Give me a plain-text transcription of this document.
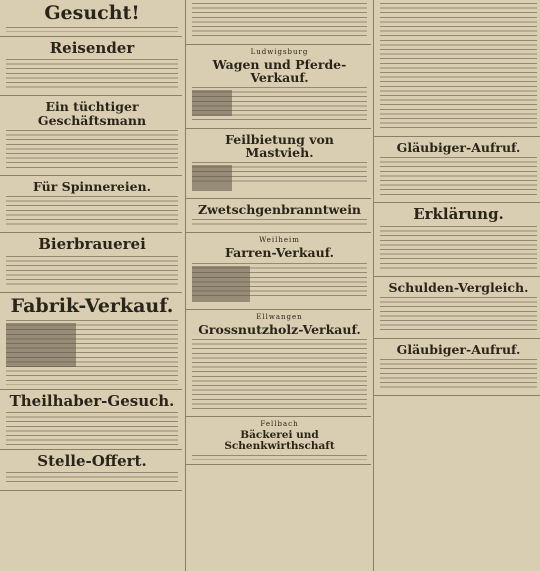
Gesucht!
Reisender
Ein tüchtiger Geschäftsmann
Für Spinnereien.
Bierbrauerei
Fabrik-Verkauf.
Theilhaber-Gesuch.
Stelle-Offert.
Ludwigsburg
Wagen und Pferde-Verkauf.
Feilbietung von Mastvieh.
Zwetschgenbranntwein
Weilheim
Farren-Verkauf.
Ellwangen
Grossnutzholz-Verkauf.
Fellbach
Bäckerei und Schenkwirthschaft
Gläubiger-Aufruf.
Erklärung.
Schulden-Vergleich.
Gläubiger-Aufruf.
